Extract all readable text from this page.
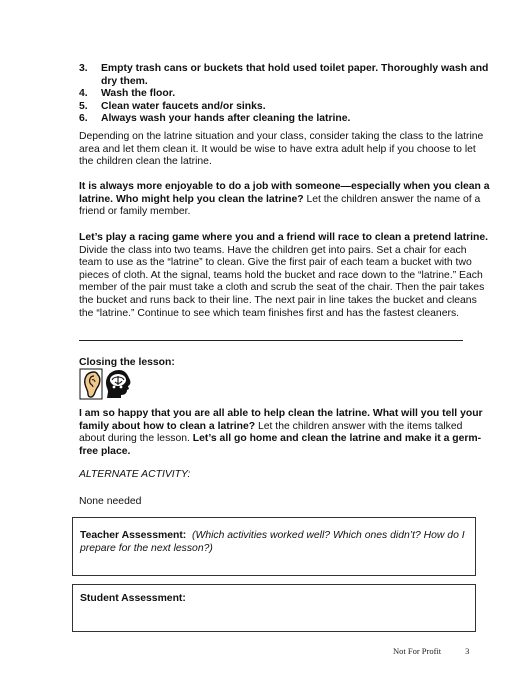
3. Empty trash cans or buckets that hold used toilet paper. Thoroughly wash and dry them.
4. Wash the floor.
5. Clean water faucets and/or sinks.
6. Always wash your hands after cleaning the latrine.

Depending on the latrine situation and your class, consider taking the class to the latrine area and let them clean it. It would be wise to have extra adult help if you choose to let the children clean the latrine.

It is always more enjoyable to do a job with someone—especially when you clean a latrine. Who might help you clean the latrine? Let the children answer the name of a friend or family member.

Let’s play a racing game where you and a friend will race to clean a pretend latrine. Divide the class into two teams. Have the children get into pairs. Set a chair for each team to use as the “latrine” to clean. Give the first pair of each team a bucket with two pieces of cloth. At the signal, teams hold the bucket and race down to the “latrine.” Each member of the pair must take a cloth and scrub the seat of the chair. Then the pair takes the bucket and runs back to their line. The next pair in line takes the bucket and cleans the “latrine.” Continue to see which team finishes first and has the fastest cleaners.

Closing the lesson:

I am so happy that you are all able to help clean the latrine. What will you tell your family about how to clean a latrine? Let the children answer with the items talked about during the lesson. Let’s all go home and clean the latrine and make it a germ-free place.

ALTERNATE ACTIVITY:

None needed

Teacher Assessment: (Which activities worked well? Which ones didn’t? How do I prepare for the next lesson?)

Student Assessment:

Not For Profit	3
